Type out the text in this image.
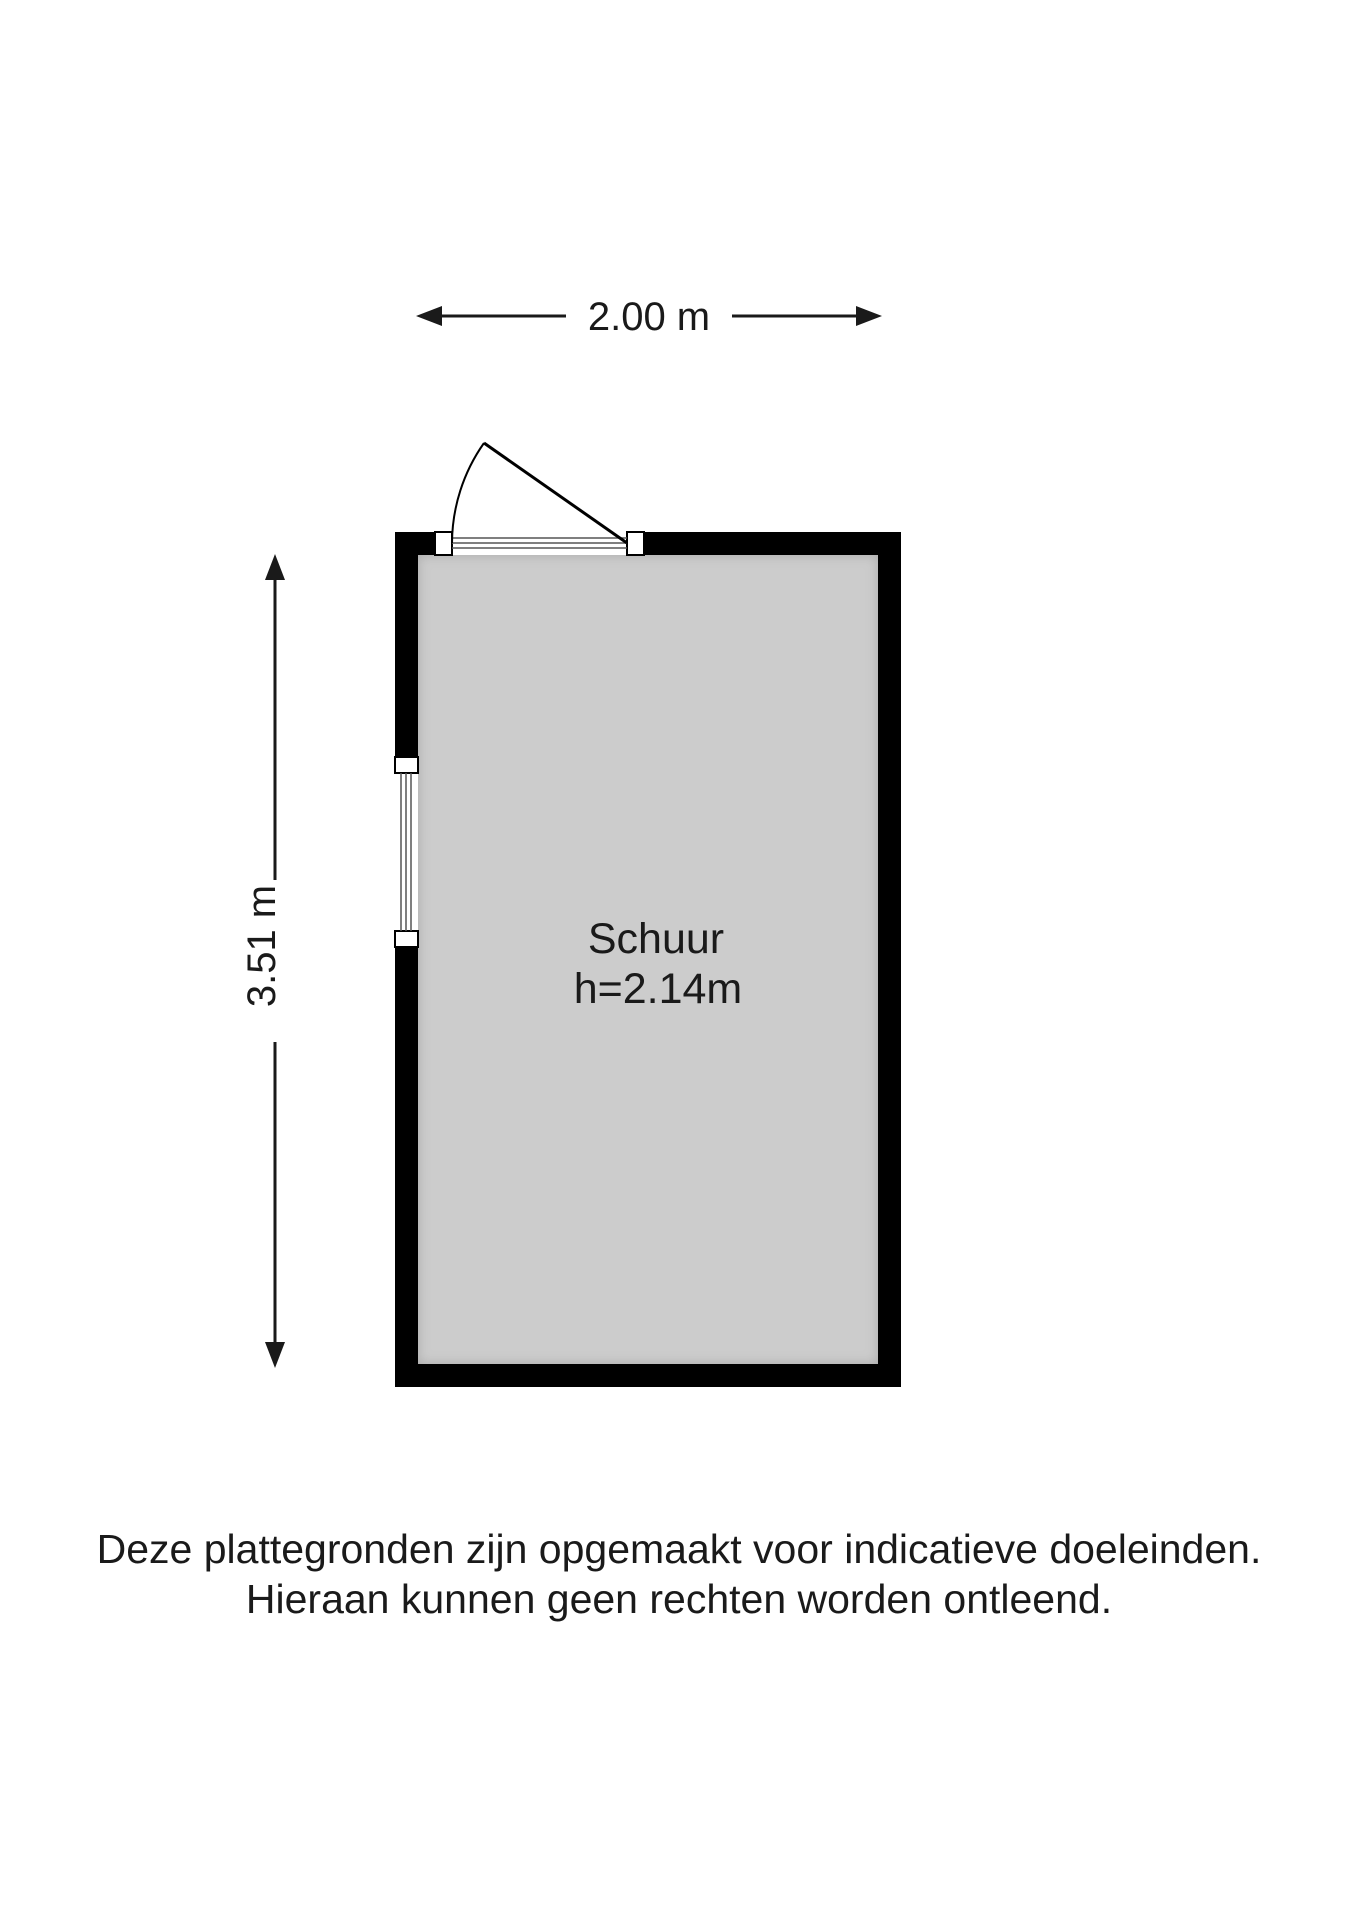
2.00 m
3.51 m	Schuur
h=2.14m
Deze plattegronden zijn opgemaakt voor indicatieve doeleinden.
Hieraan kunnen geen rechten worden ontleend.
